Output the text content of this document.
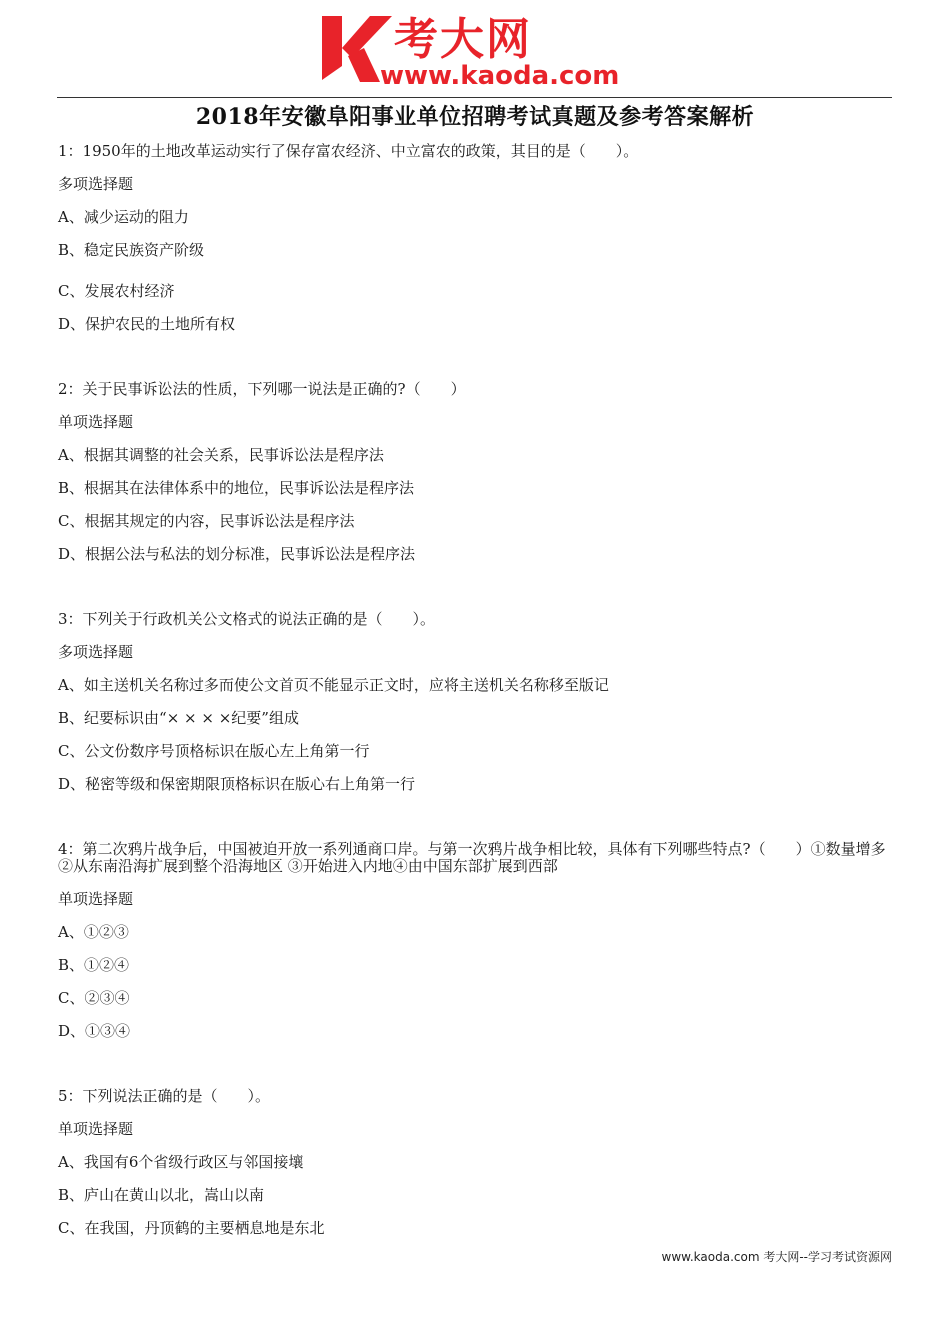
考大网
www.kaoda.com
2018年安徽阜阳事业单位招聘考试真题及参考答案解析
1：1950年的土地改革运动实行了保存富农经济、中立富农的政策，其目的是（　　）。
多项选择题
A、减少运动的阻力
B、稳定民族资产阶级
C、发展农村经济
D、保护农民的土地所有权
2：关于民事诉讼法的性质，下列哪一说法是正确的?（　　）
单项选择题
A、根据其调整的社会关系，民事诉讼法是程序法
B、根据其在法律体系中的地位，民事诉讼法是程序法
C、根据其规定的内容，民事诉讼法是程序法
D、根据公法与私法的划分标准，民事诉讼法是程序法
3：下列关于行政机关公文格式的说法正确的是（　　）。
多项选择题
A、如主送机关名称过多而使公文首页不能显示正文时，应将主送机关名称移至版记
B、纪要标识由“× × × ×纪要”组成
C、公文份数序号顶格标识在版心左上角第一行
D、秘密等级和保密期限顶格标识在版心右上角第一行
4：第二次鸦片战争后，中国被迫开放一系列通商口岸。与第一次鸦片战争相比较，具体有下列哪些特点?（　　）①数量增多②从东南沿海扩展到整个沿海地区 ③开始进入内地④由中国东部扩展到西部
单项选择题
A、①②③
B、①②④
C、②③④
D、①③④
5：下列说法正确的是（　　）。
单项选择题
A、我国有6个省级行政区与邻国接壤
B、庐山在黄山以北，嵩山以南
C、在我国，丹顶鹤的主要栖息地是东北
www.kaoda.com 考大网--学习考试资源网
